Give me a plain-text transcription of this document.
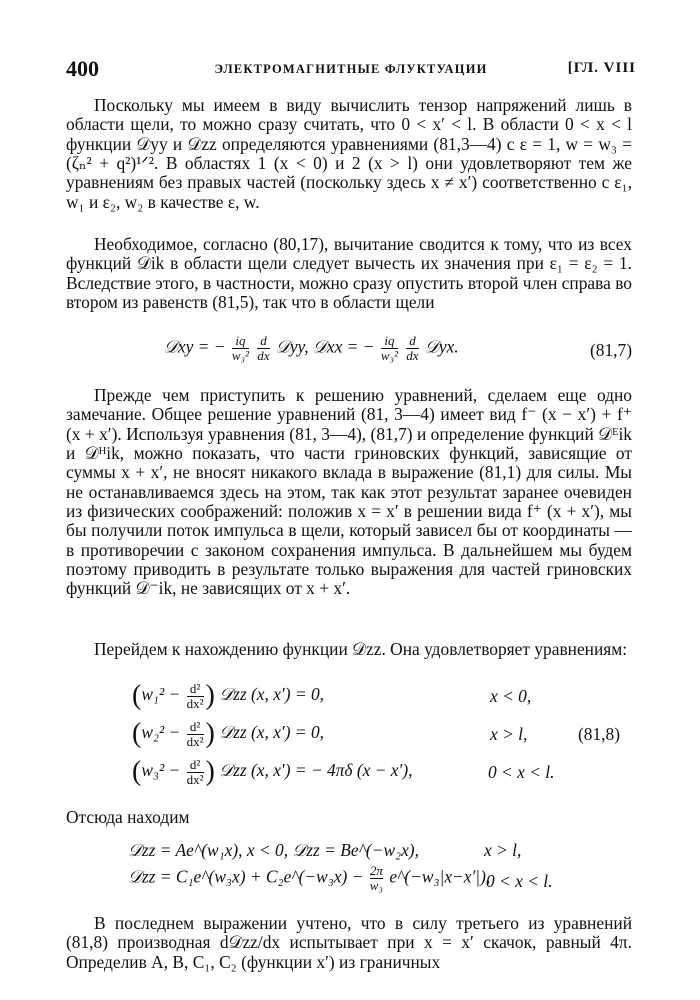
400	ЭЛЕКТРОМАГНИТНЫЕ ФЛУКТУАЦИИ	[ГЛ. VIII

Поскольку мы имеем в виду вычислить тензор напряжений лишь в области щели, то можно сразу считать, что 0 < x′ < l. В области 0 < x < l функции 𝒟yy и 𝒟zz определяются уравнениями (81,3—4) с ε = 1, w = w₃ = (ζₙ² + q²)¹ᐟ². В областях 1 (x < 0) и 2 (x > l) они удовлетворяют тем же уравнениям без правых частей (поскольку здесь x ≠ x′) соответственно с ε₁, w₁ и ε₂, w₂ в качестве ε, w.

Необходимое, согласно (80,17), вычитание сводится к тому, что из всех функций 𝒟ik в области щели следует вычесть их значения при ε₁ = ε₂ = 1. Вследствие этого, в частности, можно сразу опустить второй член справа во втором из равенств (81,5), так что в области щели

𝒟xy = − $\frac{iq}{\text{w₃²}}$
$\frac{d}{dx}$ 𝒟yy, 𝒟xx = − $\frac{iq}{\text{w₃²}}$
$\frac{d}{dx}$ 𝒟yx.	(81,7)

Прежде чем приступить к решению уравнений, сделаем еще одно замечание. Общее решение уравнений (81, 3—4) имеет вид f⁻ (x − x′) + f⁺ (x + x′). Используя уравнения (81, 3—4), (81,7) и определение функций 𝒟ᴱik и 𝒟ᴴik, можно показать, что части гриновских функций, зависящие от суммы x + x′, не вносят никакого вклада в выражение (81,1) для силы. Мы не останавливаемся здесь на этом, так как этот результат заранее очевиден из физических соображений: положив x = x′ в решении вида f⁺ (x + x′), мы бы получили поток импульса в щели, который зависел бы от координаты — в противоречии с законом сохранения импульса. В дальнейшем мы будем поэтому приводить в результате только выражения для частей гриновских функций 𝒟⁻ik, не зависящих от x + x′.

Перейдем к нахождению функции 𝒟zz. Она удовлетворяет уравнениям:

($w_1^2 - \frac{\text{d²}}{\text{dx²}}$ ) 𝒟zz (x, x′) = 0,	x < 0,
($w_2^2 - \frac{\text{d²}}{\text{dx²}}$ ) 𝒟zz (x, x′) = 0,	x > l,	(81,8)
($w_3^2 - \frac{\text{d²}}{\text{dx²}}$ ) 𝒟zz (x, x′) = − 4πδ (x − x′),	0 < x < l.

Отсюда находим

𝒟zz = Ae^(w₁x), x < 0, 𝒟zz = Be^(−w₂x),	x > l,
𝒟zz = C₁e^(w₃x) + C₂e^(−w₃x) − $\frac{2\pi}{\text{w₃}}$ e^(−w₃|x−x′|),
0 < x < l.

В последнем выражении учтено, что в силу третьего из уравнений (81,8) производная d𝒟zz/dx испытывает при x = x′ скачок, равный 4π. Определив A, B, C₁, C₂ (функции x′) из граничных
